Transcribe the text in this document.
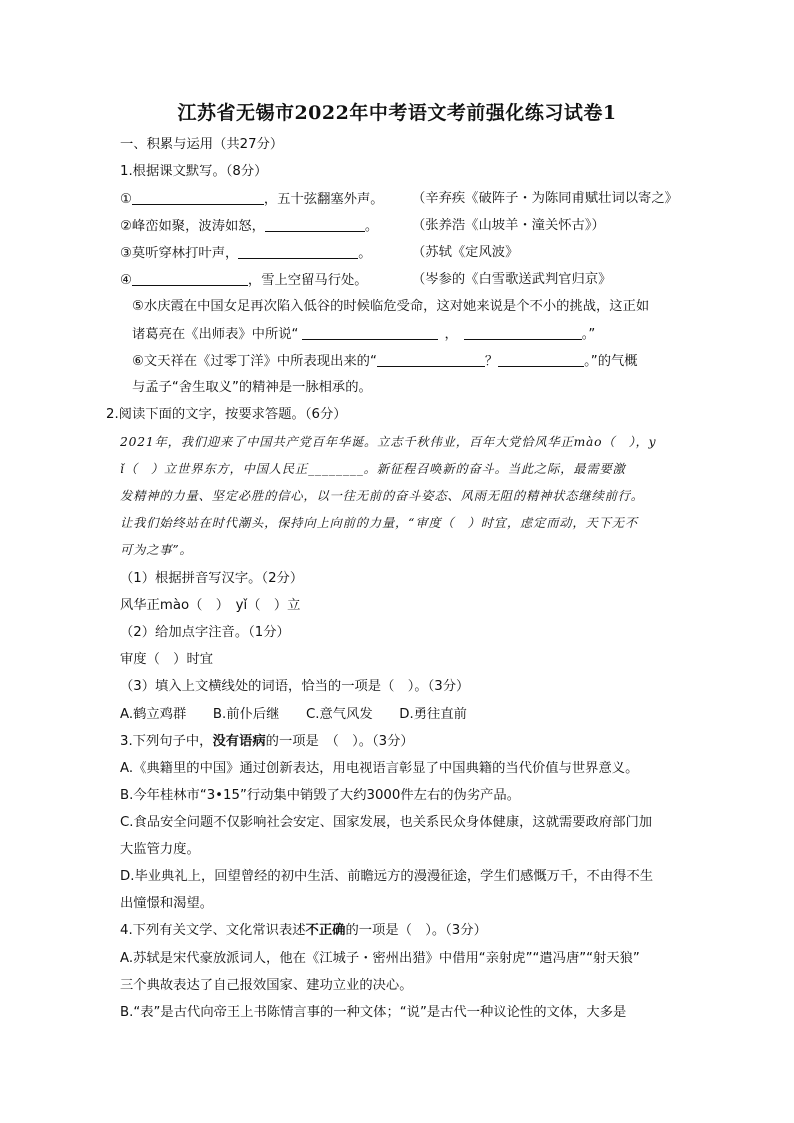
江苏省无锡市2022年中考语文考前强化练习试卷1
一、积累与运用（共27分）
1.根据课文默写。（8分）
①	，五十弦翻塞外声。 （辛弃疾《破阵子・为陈同甫赋壮词以寄之》
②峰峦如聚，波涛如怒，	。	（张养浩《山坡羊・潼关怀古》）
③莫听穿林打叶声，	。	（苏轼《定风波》
④	，雪上空留马行处。	（岑参的《白雪歌送武判官归京》
⑤水庆霞在中国女足再次陷入低谷的时候临危受命，这对她来说是个不小的挑战，这正如
诸葛亮在《出师表》中所说“	，	。”
⑥文天祥在《过零丁洋》中所表现出来的“	？	。”的气概
与孟子“舍生取义”的精神是一脉相承的。
2.阅读下面的文字，按要求答题。（6分）
2021年，我们迎来了中国共产党百年华诞。立志千秋伟业，百年大党恰风华正màо（　），у
ǐ（　）立世界东方，中国人民正________。新征程召唤新的奋斗。当此之际，最需要激
发精神的力量、坚定必胜的信心，以一往无前的奋斗姿态、风雨无阻的精神状态继续前行。
让我们始终站在时代潮头，保持向上向前的力量，“审度（　）时宜，虑定而动，天下无不
可为之事”。
（1）根据拼音写汉字。（2分）
风华正màо（　）　yǐ（　）立
（2）给加点字注音。（1分）
审度（　）时宜
（3）填入上文横线处的词语，恰当的一项是（　）。（3分）
A.鹤立鸡群　　B.前仆后继　　C.意气风发　　D.勇往直前
3.下列句子中，没有语病的一项是　（　）。（3分）
A.《典籍里的中国》通过创新表达，用电视语言彰显了中国典籍的当代价值与世界意义。
B.今年桂林市“3•15”行动集中销毁了大约3000件左右的伪劣产品。
C.食品安全问题不仅影响社会安定、国家发展，也关系民众身体健康，这就需要政府部门加
大监管力度。
D.毕业典礼上，回望曾经的初中生活、前瞻远方的漫漫征途，学生们感慨万千，不由得不生
出憧憬和渴望。
4.下列有关文学、文化常识表述不正确的一项是（　）。（3分）
A.苏轼是宋代豪放派词人，他在《江城子・密州出猎》中借用“亲射虎”“遣冯唐”“射天狼”
三个典故表达了自己报效国家、建功立业的决心。
B.“表”是古代向帝王上书陈情言事的一种文体；“说”是古代一种议论性的文体，大多是
